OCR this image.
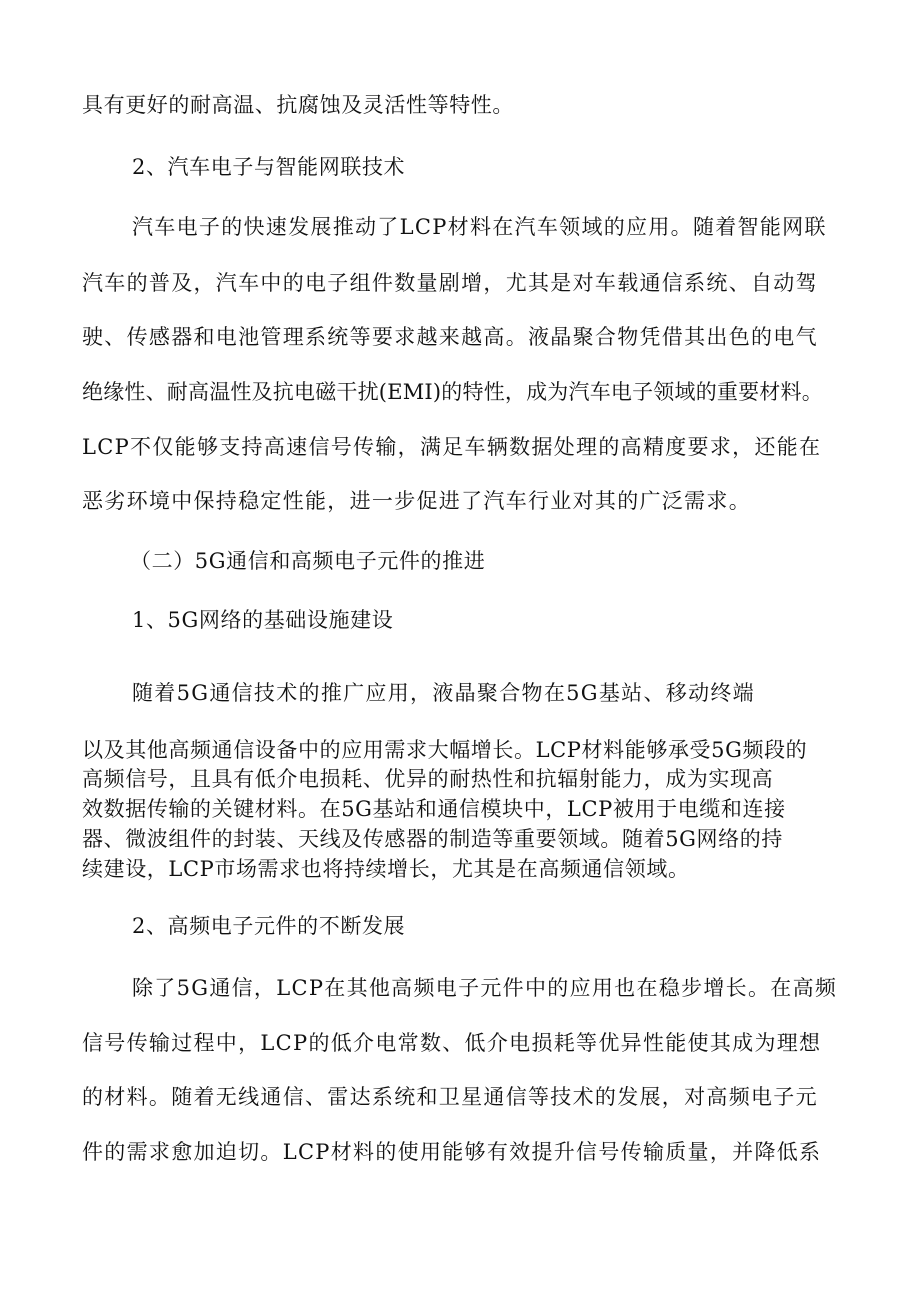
具有更好的耐高温、抗腐蚀及灵活性等特性。

2、汽车电子与智能网联技术

汽车电子的快速发展推动了LCP材料在汽车领域的应用。随着智能网联

汽车的普及，汽车中的电子组件数量剧增，尤其是对车载通信系统、自动驾

驶、传感器和电池管理系统等要求越来越高。液晶聚合物凭借其出色的电气

绝缘性、耐高温性及抗电磁干扰(EMI)的特性，成为汽车电子领域的重要材料。

LCP不仅能够支持高速信号传输，满足车辆数据处理的高精度要求，还能在

恶劣环境中保持稳定性能，进一步促进了汽车行业对其的广泛需求。

（二）5G通信和高频电子元件的推进

1、5G网络的基础设施建设

随着5G通信技术的推广应用，液晶聚合物在5G基站、移动终端

以及其他高频通信设备中的应用需求大幅增长。LCP材料能够承受5G频段的

高频信号，且具有低介电损耗、优异的耐热性和抗辐射能力，成为实现高

效数据传输的关键材料。在5G基站和通信模块中，LCP被用于电缆和连接

器、微波组件的封装、天线及传感器的制造等重要领域。随着5G网络的持

续建设，LCP市场需求也将持续增长，尤其是在高频通信领域。

2、高频电子元件的不断发展

除了5G通信，LCP在其他高频电子元件中的应用也在稳步增长。在高频

信号传输过程中，LCP的低介电常数、低介电损耗等优异性能使其成为理想

的材料。随着无线通信、雷达系统和卫星通信等技术的发展，对高频电子元

件的需求愈加迫切。LCP材料的使用能够有效提升信号传输质量，并降低系
